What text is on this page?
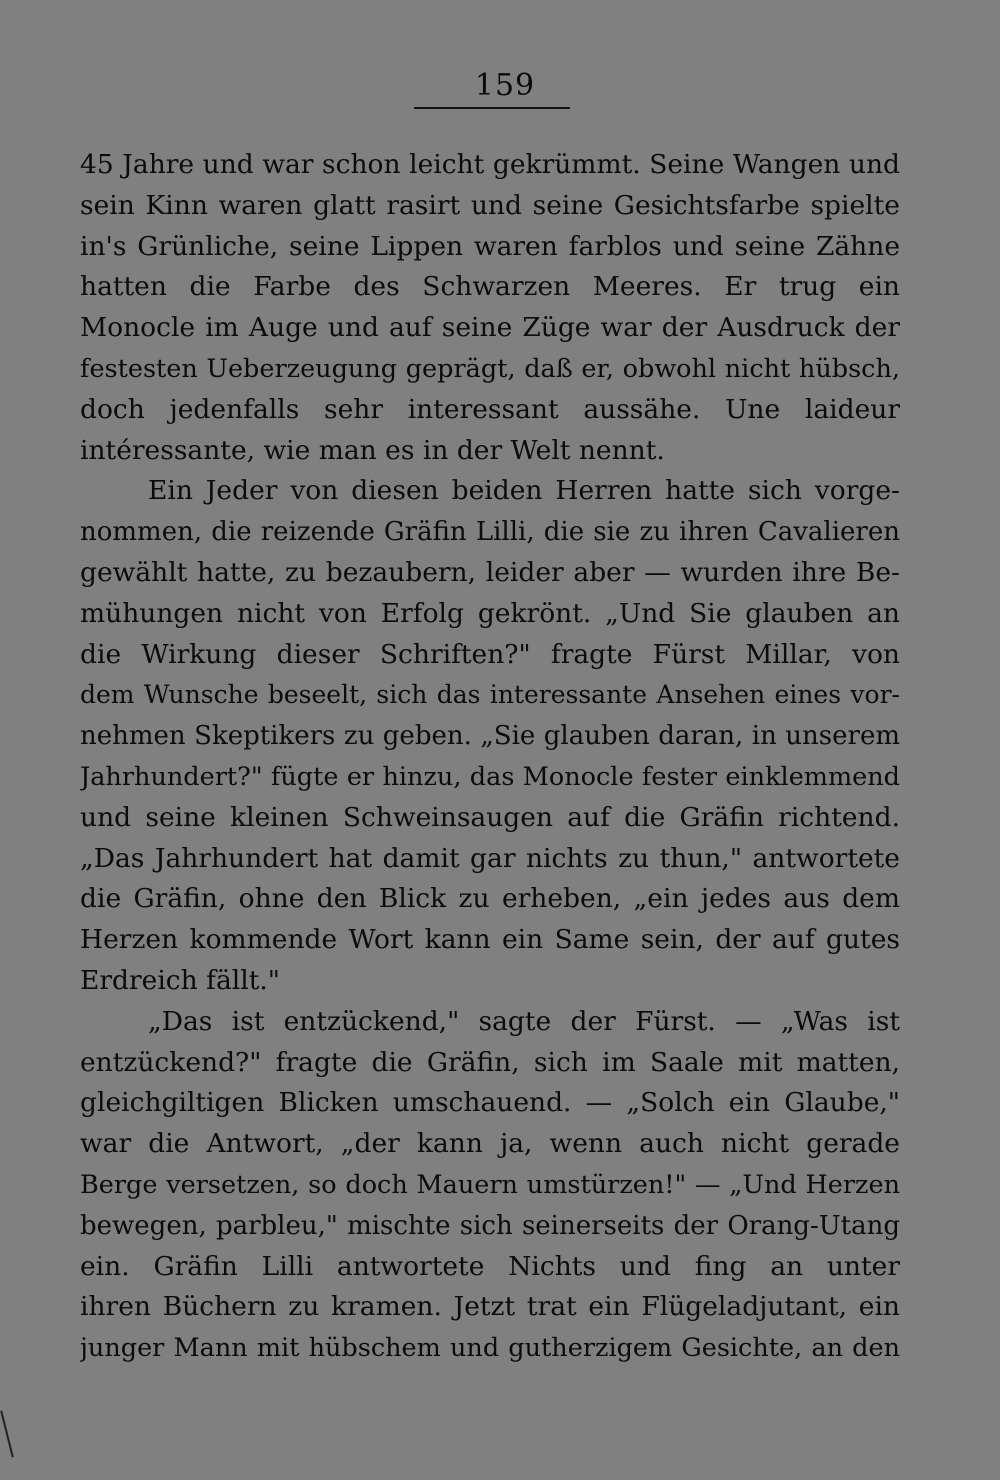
159
45 Jahre und war schon leicht gekrümmt. Seine Wangen und
sein Kinn waren glatt rasirt und seine Gesichtsfarbe spielte
in's Grünliche, seine Lippen waren farblos und seine Zähne
hatten die Farbe des Schwarzen Meeres. Er trug ein
Monocle im Auge und auf seine Züge war der Ausdruck der
festesten Ueberzeugung geprägt, daß er, obwohl nicht hübsch,
doch jedenfalls sehr interessant aussähe. Une laideur
intéressante, wie man es in der Welt nennt.
Ein Jeder von diesen beiden Herren hatte sich vorge-
nommen, die reizende Gräfin Lilli, die sie zu ihren Cavalieren
gewählt hatte, zu bezaubern, leider aber — wurden ihre Be-
mühungen nicht von Erfolg gekrönt. „Und Sie glauben an
die Wirkung dieser Schriften?" fragte Fürst Millar, von
dem Wunsche beseelt, sich das interessante Ansehen eines vor-
nehmen Skeptikers zu geben. „Sie glauben daran, in unserem
Jahrhundert?" fügte er hinzu, das Monocle fester einklemmend
und seine kleinen Schweinsaugen auf die Gräfin richtend.
„Das Jahrhundert hat damit gar nichts zu thun," antwortete
die Gräfin, ohne den Blick zu erheben, „ein jedes aus dem
Herzen kommende Wort kann ein Same sein, der auf gutes
Erdreich fällt."
„Das ist entzückend," sagte der Fürst. — „Was ist
entzückend?" fragte die Gräfin, sich im Saale mit matten,
gleichgiltigen Blicken umschauend. — „Solch ein Glaube,"
war die Antwort, „der kann ja, wenn auch nicht gerade
Berge versetzen, so doch Mauern umstürzen!" — „Und Herzen
bewegen, parbleu," mischte sich seinerseits der Orang-Utang
ein. Gräfin Lilli antwortete Nichts und fing an unter
ihren Büchern zu kramen. Jetzt trat ein Flügeladjutant, ein
junger Mann mit hübschem und gutherzigem Gesichte, an den
